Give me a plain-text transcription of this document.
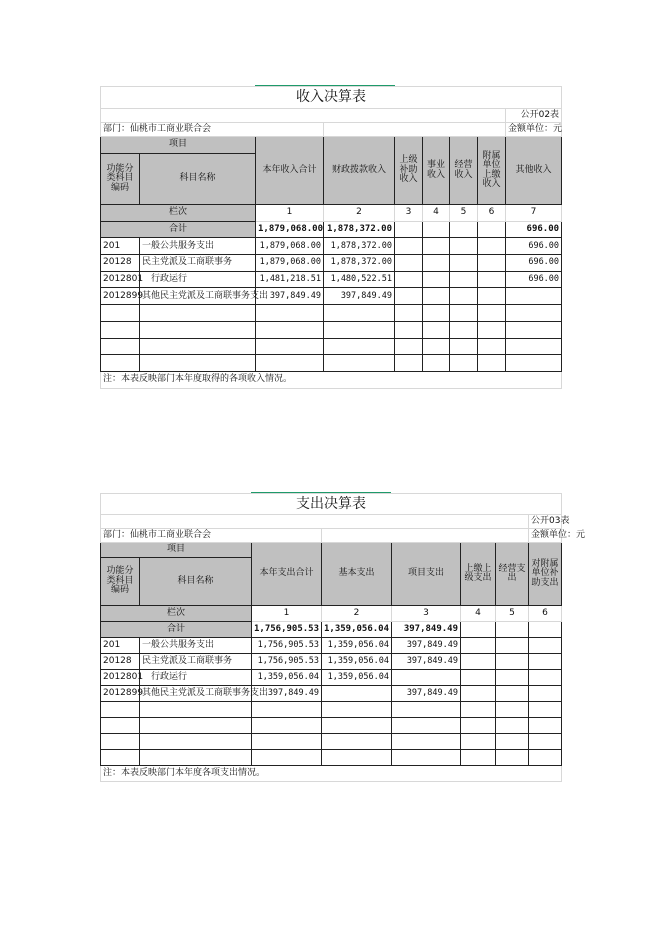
收入决算表								
								公开02表
部门：仙桃市工商业联合会								金额单位：元
项目		本年收入合计	财政拨款收入	上级补助收入	事业收入	经营收入	附属单位上缴收入	其他收入
功能分类科目编码	科目名称							
栏次		1	2	3	4	5	6	7
合计		1,879,068.00	1,878,372.00					696.00
201	一般公共服务支出	1,879,068.00	1,878,372.00					696.00
20128	民主党派及工商联事务	1,879,068.00	1,878,372.00					696.00
2012801	　行政运行	1,481,218.51	1,480,522.51					696.00
2012899	其他民主党派及工商联事务支出	397,849.49	397,849.49					

注：本表反映部门本年度取得的各项收入情况。								
支出决算表							
							公开03表
部门：仙桃市工商业联合会							金额单位：元
项目		本年支出合计	基本支出	项目支出	上缴上级支出	经营支出	对附属单位补助支出
功能分类科目编码	科目名称						
栏次		1	2	3	4	5	6
合计		1,756,905.53	1,359,056.04	397,849.49			
201	一般公共服务支出	1,756,905.53	1,359,056.04	397,849.49			
20128	民主党派及工商联事务	1,756,905.53	1,359,056.04	397,849.49			
2012801	　行政运行	1,359,056.04	1,359,056.04				
2012899	其他民主党派及工商联事务支出	397,849.49		397,849.49			

注：本表反映部门本年度各项支出情况。							
